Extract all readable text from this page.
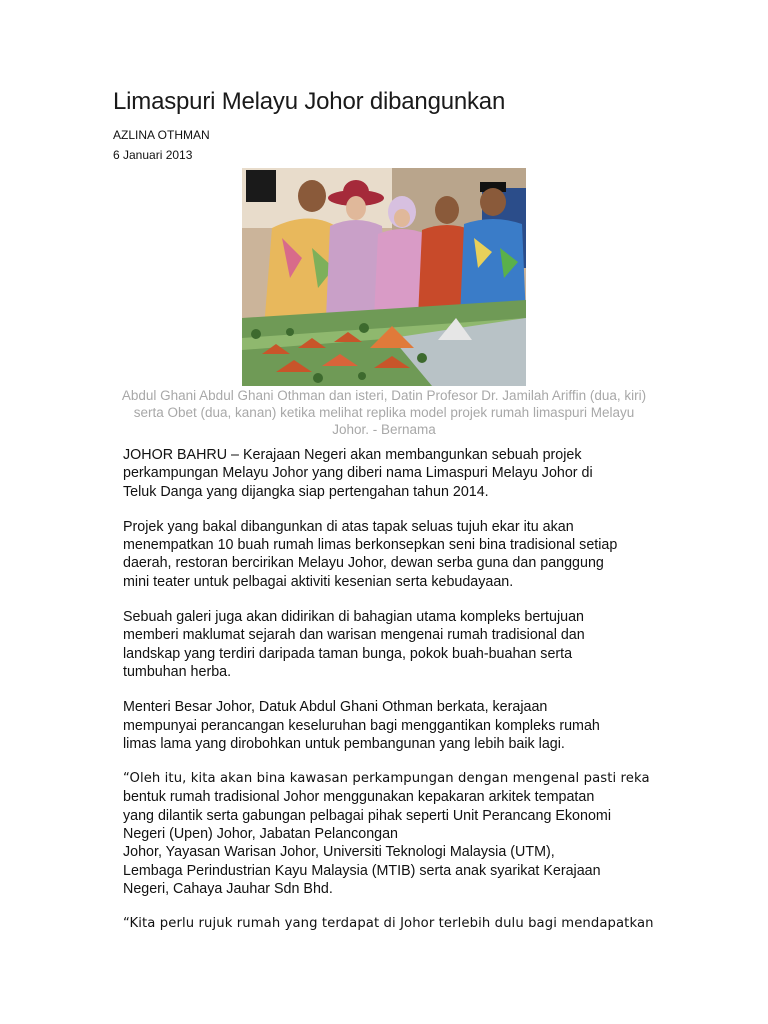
Limaspuri Melayu Johor dibangunkan
AZLINA OTHMAN
6 Januari 2013

Abdul Ghani Abdul Ghani Othman dan isteri, Datin Profesor Dr. Jamilah Ariffin (dua, kiri)
serta Obet (dua, kanan) ketika melihat replika model projek rumah limaspuri Melayu
Johor. - Bernama

JOHOR BAHRU – Kerajaan Negeri akan membangunkan sebuah projek
perkampungan Melayu Johor yang diberi nama Limaspuri Melayu Johor di
Teluk Danga yang dijangka siap pertengahan tahun 2014.

Projek yang bakal dibangunkan di atas tapak seluas tujuh ekar itu akan
menempatkan 10 buah rumah limas berkonsepkan seni bina tradisional setiap
daerah, restoran bercirikan Melayu Johor, dewan serba guna dan panggung
mini teater untuk pelbagai aktiviti kesenian serta kebudayaan.

Sebuah galeri juga akan didirikan di bahagian utama kompleks bertujuan
memberi maklumat sejarah dan warisan mengenai rumah tradisional dan
landskap yang terdiri daripada taman bunga, pokok buah-buahan serta
tumbuhan herba.

Menteri Besar Johor, Datuk Abdul Ghani Othman berkata, kerajaan
mempunyai perancangan keseluruhan bagi menggantikan kompleks rumah
limas lama yang dirobohkan untuk pembangunan yang lebih baik lagi.

“Oleh itu, kita akan bina kawasan perkampungan dengan mengenal pasti reka
bentuk rumah tradisional Johor menggunakan kepakaran arkitek tempatan
yang dilantik serta gabungan pelbagai pihak seperti Unit Perancang Ekonomi
Negeri (Upen) Johor, Jabatan Pelancongan
Johor, Yayasan Warisan Johor, Universiti Teknologi Malaysia (UTM),
Lembaga Perindustrian Kayu Malaysia (MTIB) serta anak syarikat Kerajaan
Negeri, Cahaya Jauhar Sdn Bhd.

“Kita perlu rujuk rumah yang terdapat di Johor terlebih dulu bagi mendapatkan
